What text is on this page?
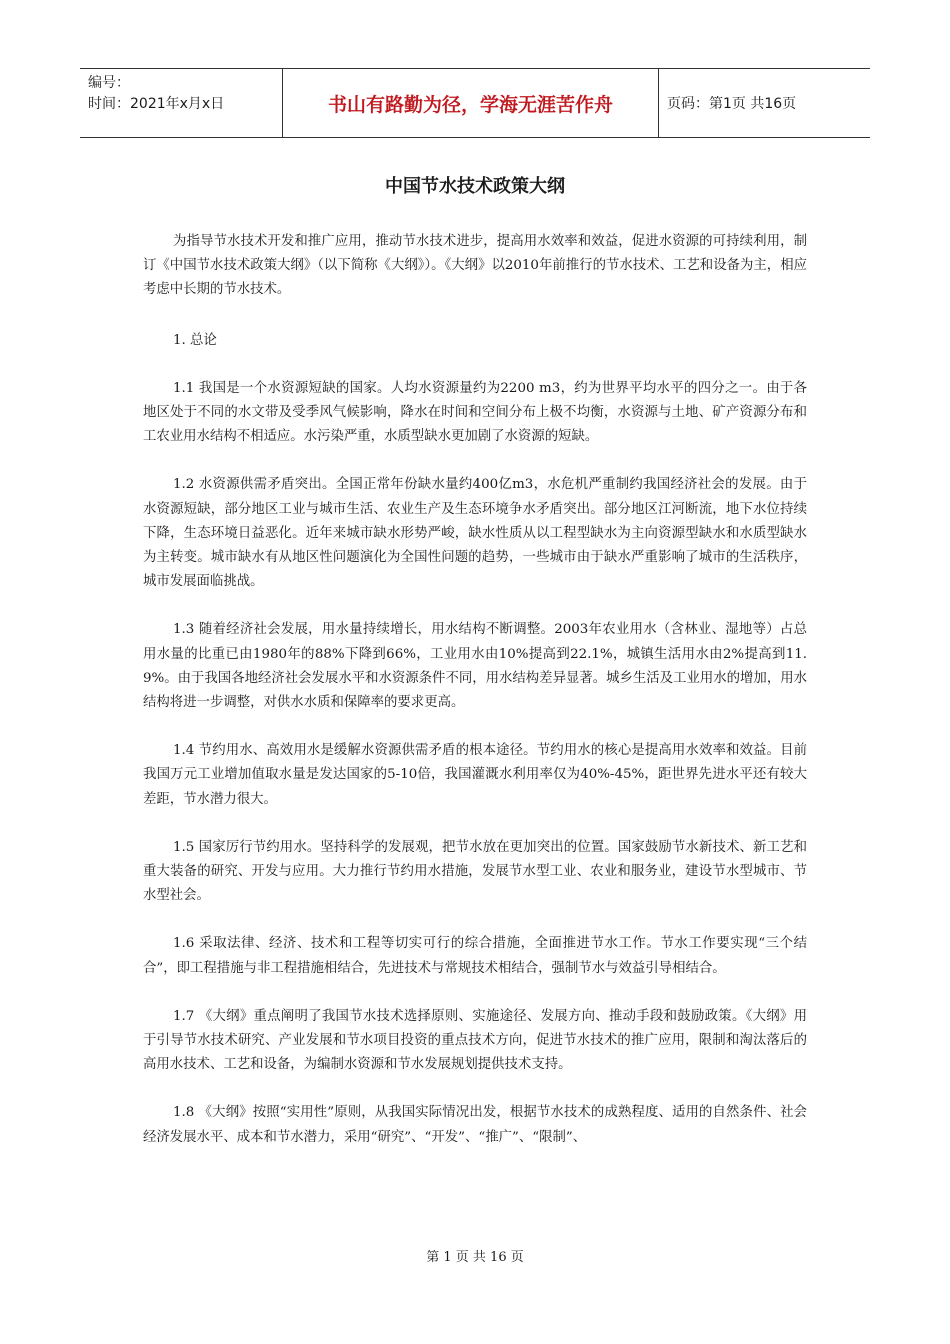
编号：
时间：2021年x月x日	书山有路勤为径，学海无涯苦作舟	页码：第1页 共16页
中国节水技术政策大纲

为指导节水技术开发和推广应用，推动节水技术进步，提高用水效率和效益，促进水资源的可持续利用，制订《中国节水技术政策大纲》（以下简称《大纲》）。《大纲》以2010年前推行的节水技术、工艺和设备为主，相应考虑中长期的节水技术。

1. 总论

1.1 我国是一个水资源短缺的国家。人均水资源量约为2200 m3，约为世界平均水平的四分之一。由于各地区处于不同的水文带及受季风气候影响，降水在时间和空间分布上极不均衡，水资源与土地、矿产资源分布和工农业用水结构不相适应。水污染严重，水质型缺水更加剧了水资源的短缺。

1.2 水资源供需矛盾突出。全国正常年份缺水量约400亿m3，水危机严重制约我国经济社会的发展。由于水资源短缺，部分地区工业与城市生活、农业生产及生态环境争水矛盾突出。部分地区江河断流，地下水位持续下降，生态环境日益恶化。近年来城市缺水形势严峻，缺水性质从以工程型缺水为主向资源型缺水和水质型缺水为主转变。城市缺水有从地区性问题演化为全国性问题的趋势，一些城市由于缺水严重影响了城市的生活秩序，城市发展面临挑战。

1.3 随着经济社会发展，用水量持续增长，用水结构不断调整。2003年农业用水（含林业、湿地等）占总用水量的比重已由1980年的88%下降到66%，工业用水由10%提高到22.1%，城镇生活用水由2%提高到11.9%。由于我国各地经济社会发展水平和水资源条件不同，用水结构差异显著。城乡生活及工业用水的增加，用水结构将进一步调整，对供水水质和保障率的要求更高。

1.4 节约用水、高效用水是缓解水资源供需矛盾的根本途径。节约用水的核心是提高用水效率和效益。目前我国万元工业增加值取水量是发达国家的5-10倍，我国灌溉水利用率仅为40%-45%，距世界先进水平还有较大差距，节水潜力很大。

1.5 国家厉行节约用水。坚持科学的发展观，把节水放在更加突出的位置。国家鼓励节水新技术、新工艺和重大装备的研究、开发与应用。大力推行节约用水措施，发展节水型工业、农业和服务业，建设节水型城市、节水型社会。

1.6 采取法律、经济、技术和工程等切实可行的综合措施，全面推进节水工作。节水工作要实现“三个结合”，即工程措施与非工程措施相结合，先进技术与常规技术相结合，强制节水与效益引导相结合。

1.7 《大纲》重点阐明了我国节水技术选择原则、实施途径、发展方向、推动手段和鼓励政策。《大纲》用于引导节水技术研究、产业发展和节水项目投资的重点技术方向，促进节水技术的推广应用，限制和淘汰落后的高用水技术、工艺和设备，为编制水资源和节水发展规划提供技术支持。

1.8 《大纲》按照“实用性”原则，从我国实际情况出发，根据节水技术的成熟程度、适用的自然条件、社会经济发展水平、成本和节水潜力，采用“研究”、“开发”、“推广”、“限制”、

第 1 页 共 16 页
